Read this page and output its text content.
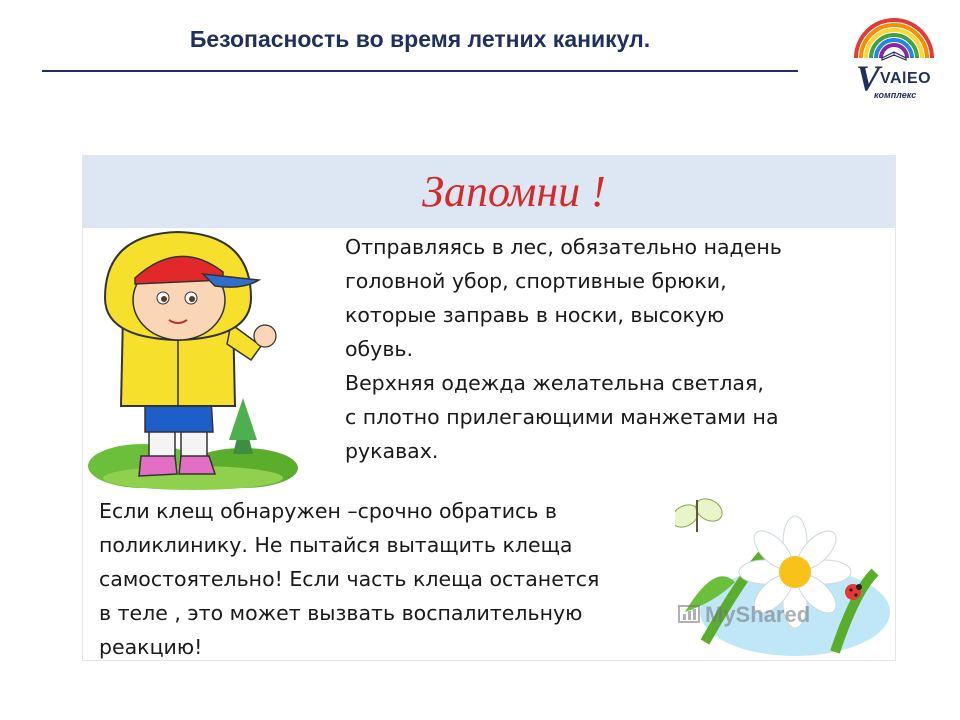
Безопасность во время летних каникул.
V VAlEO
комплекс
Запомни !

Отправляясь в лес, обязательно надень
головной убор, спортивные брюки,
которые заправь в носки, высокую
обувь.
Верхняя одежда желательна светлая,
с плотно прилегающими манжетами на
рукавах.

Если клещ обнаружен –срочно обратись в
поликлинику. Не пытайся вытащить клеща
самостоятельно! Если часть клеща останется
в теле , это может вызвать воспалительную
реакцию!

MyShared
